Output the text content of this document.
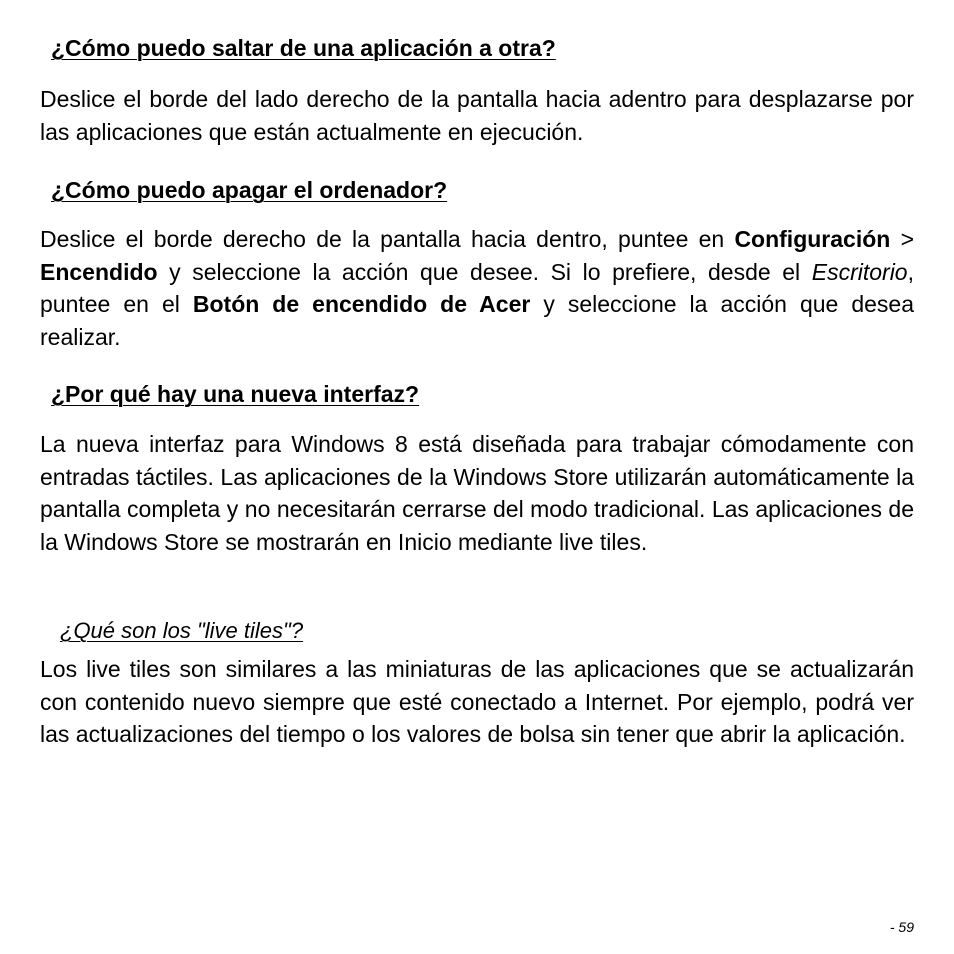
¿Cómo puedo saltar de una aplicación a otra?

Deslice el borde del lado derecho de la pantalla hacia adentro para desplazarse por las aplicaciones que están actualmente en ejecución.

¿Cómo puedo apagar el ordenador?

Deslice el borde derecho de la pantalla hacia dentro, puntee en Configuración > Encendido y seleccione la acción que desee. Si lo prefiere, desde el Escritorio, puntee en el Botón de encendido de Acer y seleccione la acción que desea realizar.

¿Por qué hay una nueva interfaz?

La nueva interfaz para Windows 8 está diseñada para trabajar cómodamente con entradas táctiles. Las aplicaciones de la Windows Store utilizarán automáticamente la pantalla completa y no necesitarán cerrarse del modo tradicional. Las aplicaciones de la Windows Store se mostrarán en Inicio mediante live tiles.

¿Qué son los "live tiles"?

Los live tiles son similares a las miniaturas de las aplicaciones que se actualizarán con contenido nuevo siempre que esté conectado a Internet. Por ejemplo, podrá ver las actualizaciones del tiempo o los valores de bolsa sin tener que abrir la aplicación.

- 59
